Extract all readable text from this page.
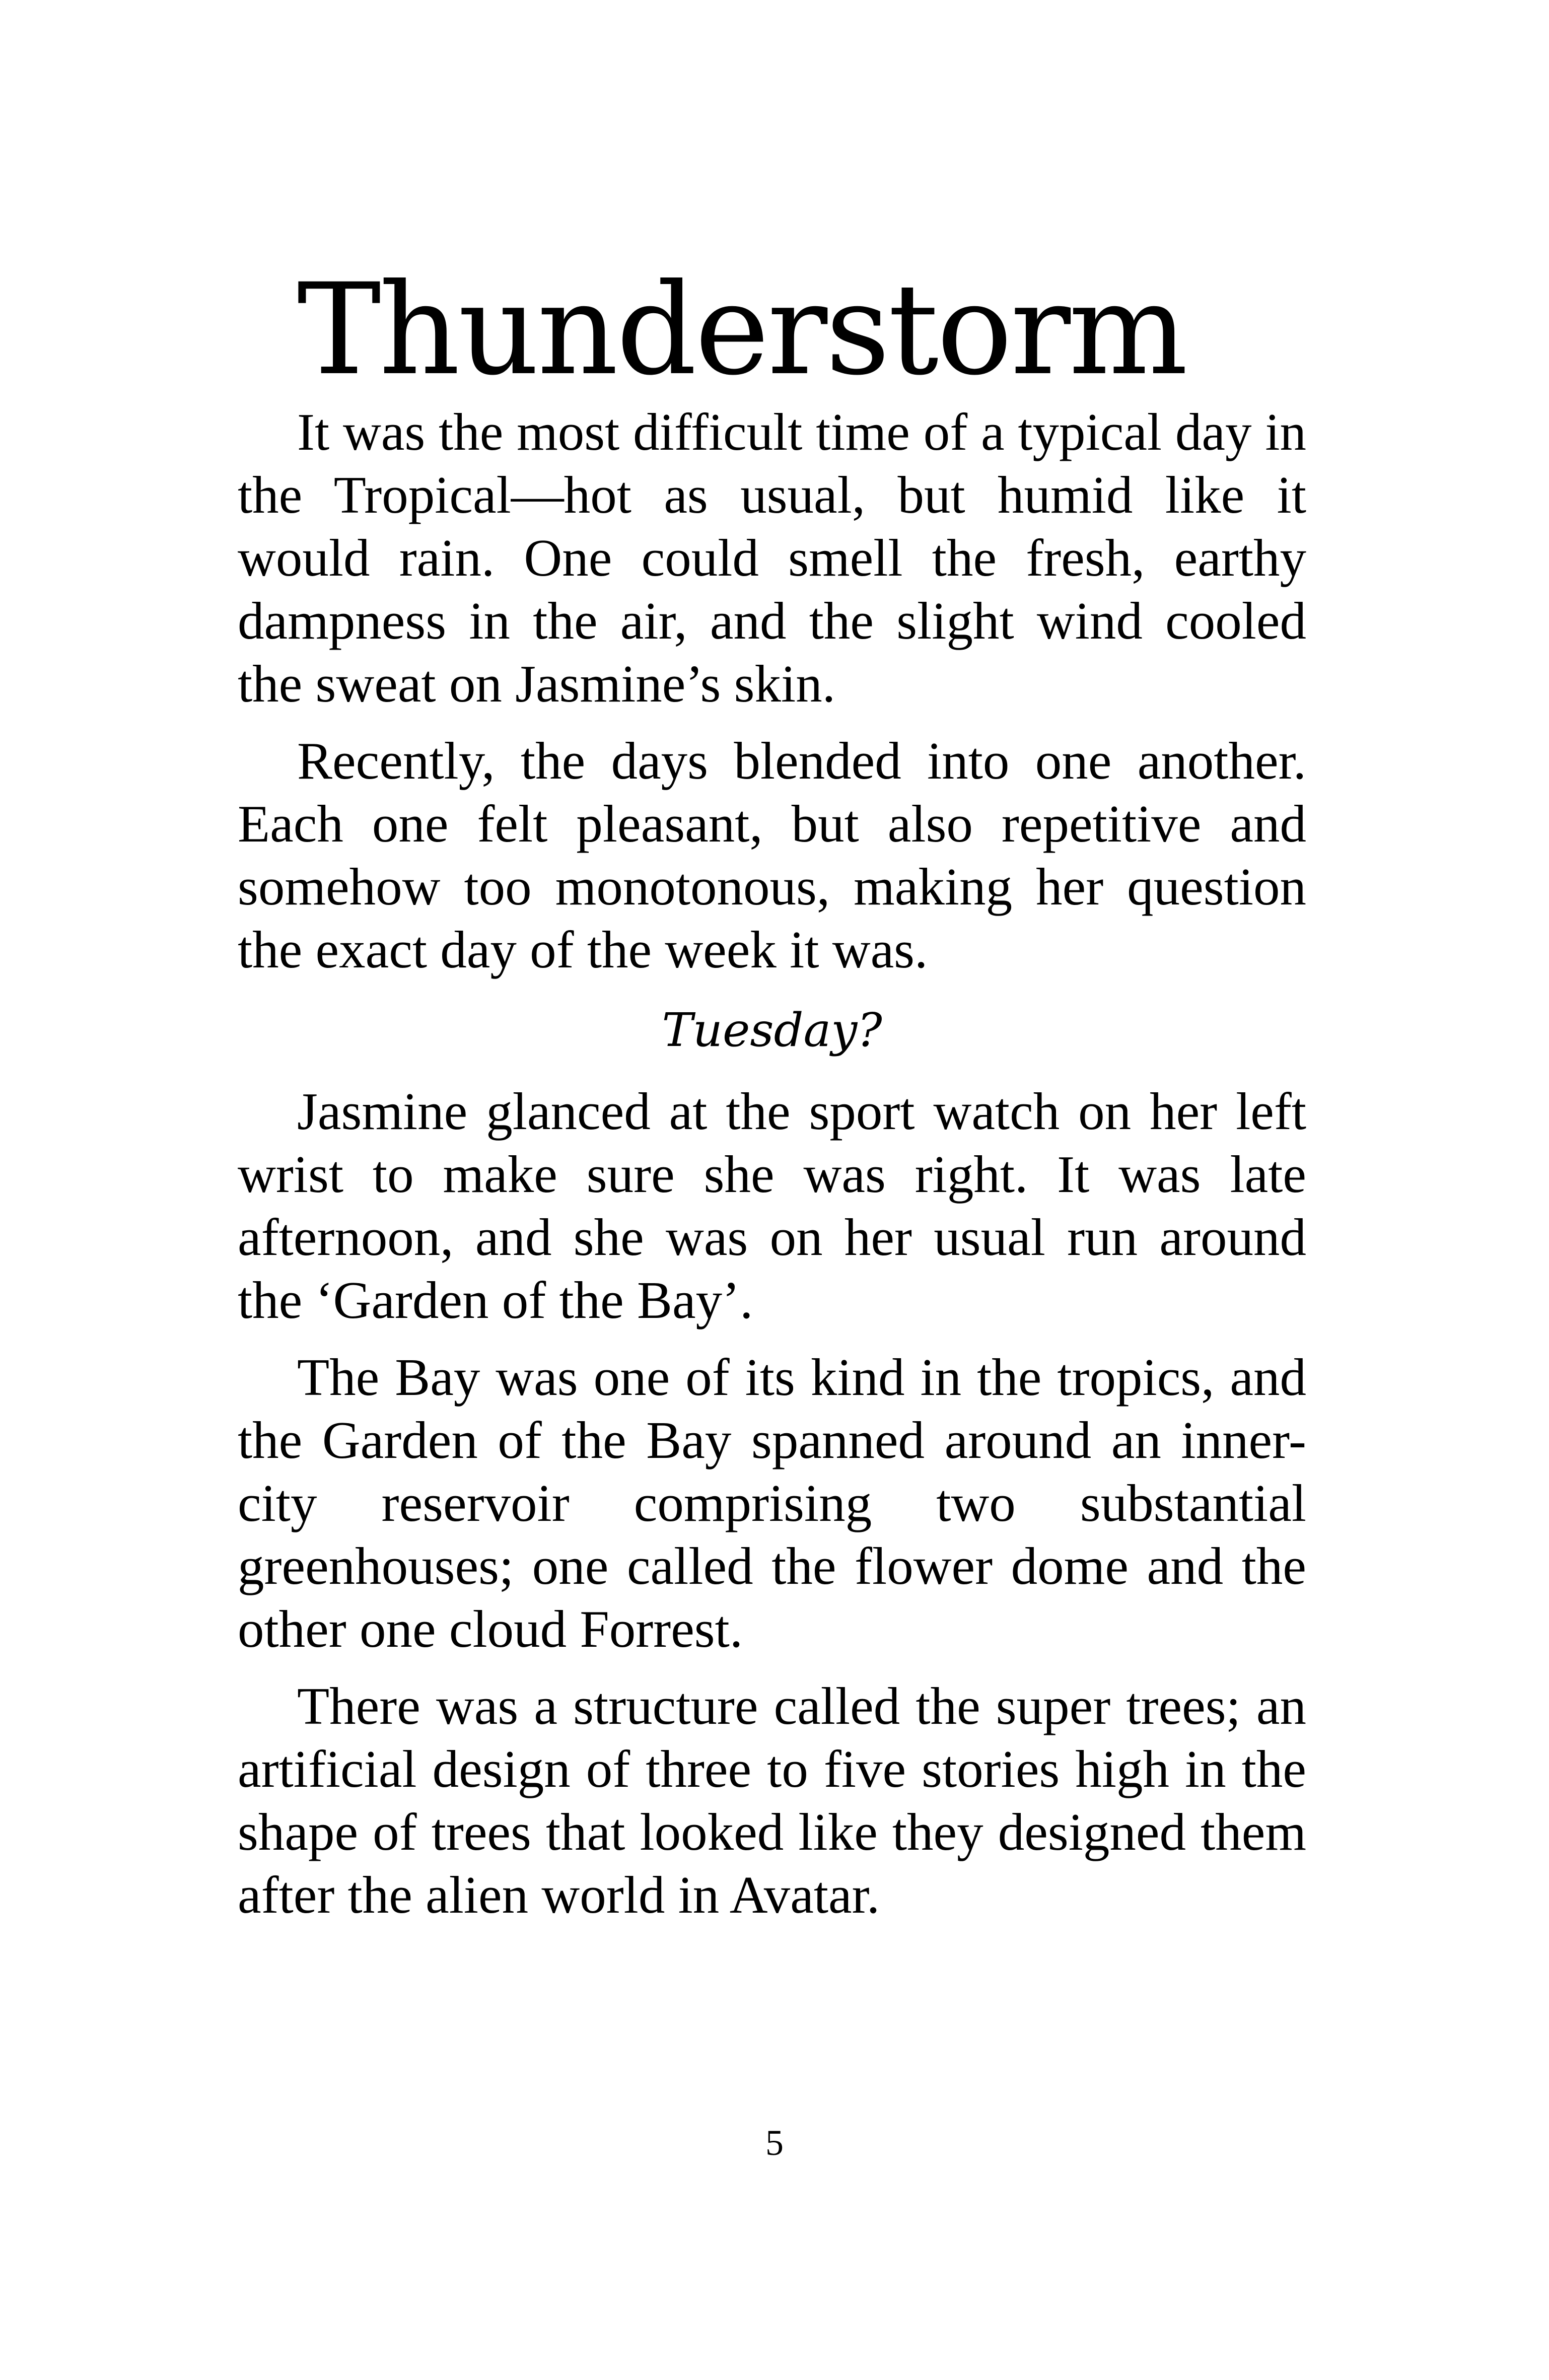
Thunderstorm

It was the most difficult time of a typical day in the Tropical—hot as usual, but humid like it would rain. One could smell the fresh, earthy dampness in the air, and the slight wind cooled the sweat on Jasmine’s skin.

Recently, the days blended into one another. Each one felt pleasant, but also repetitive and somehow too monotonous, making her question the exact day of the week it was.

Tuesday?

Jasmine glanced at the sport watch on her left wrist to make sure she was right. It was late afternoon, and she was on her usual run around the ‘Garden of the Bay’.

The Bay was one of its kind in the tropics, and the Garden of the Bay spanned around an inner-city reservoir comprising two substantial greenhouses; one called the flower dome and the other one cloud Forrest.

There was a structure called the super trees; an artificial design of three to five stories high in the shape of trees that looked like they designed them after the alien world in Avatar.

5
